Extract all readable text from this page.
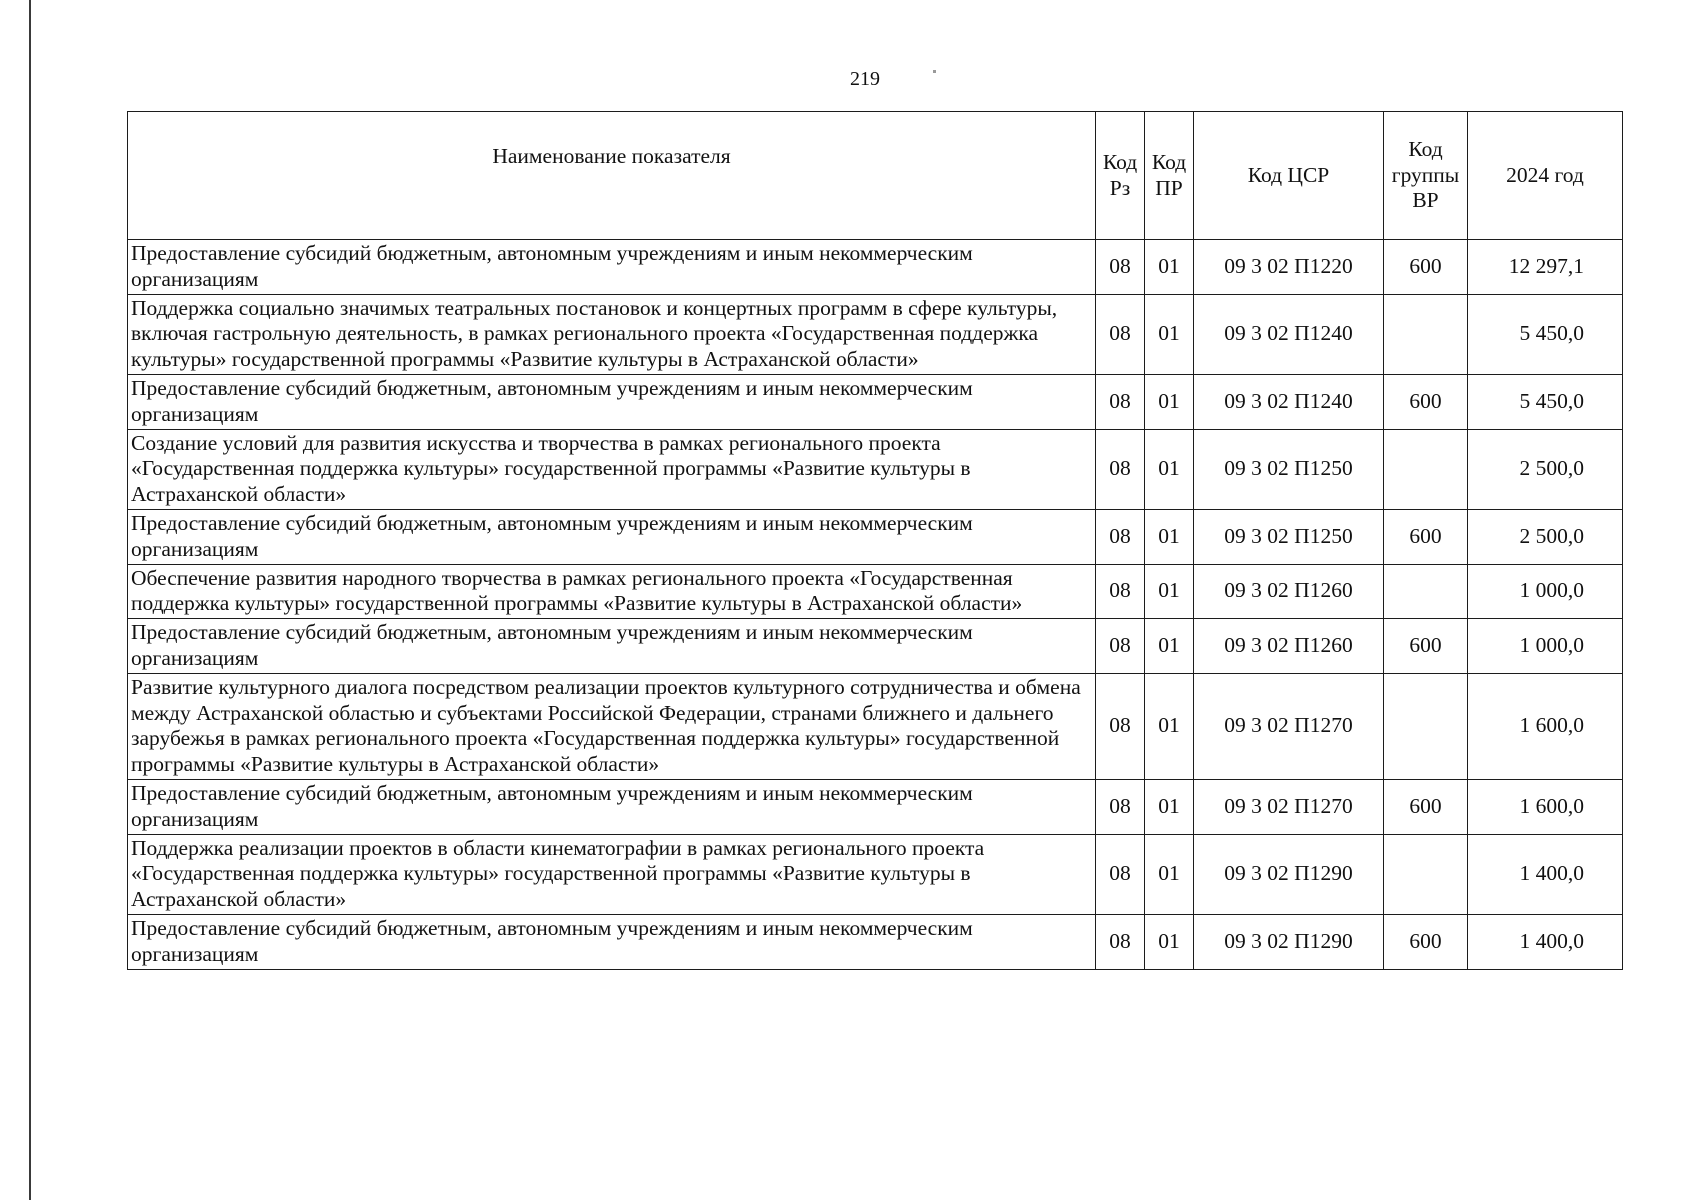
219
Наименование показателя	Код Рз	Код ПР	Код ЦСР	Код группы ВР	2024 год
Предоставление субсидий бюджетным, автономным учреждениям и иным некоммерческим организациям	08	01	09 3 02 П1220	600	12 297,1
Поддержка социально значимых театральных постановок и концертных программ в сфере культуры, включая гастрольную деятельность, в рамках регионального проекта «Государственная поддержка культуры» государственной программы «Развитие культуры в Астраханской области»	08	01	09 3 02 П1240		5 450,0
Предоставление субсидий бюджетным, автономным учреждениям и иным некоммерческим организациям	08	01	09 3 02 П1240	600	5 450,0
Создание условий для развития искусства и творчества в рамках регионального проекта «Государственная поддержка культуры» государственной программы «Развитие культуры в Астраханской области»	08	01	09 3 02 П1250		2 500,0
Предоставление субсидий бюджетным, автономным учреждениям и иным некоммерческим организациям	08	01	09 3 02 П1250	600	2 500,0
Обеспечение развития народного творчества в рамках регионального проекта «Государственная поддержка культуры» государственной программы «Развитие культуры в Астраханской области»	08	01	09 3 02 П1260		1 000,0
Предоставление субсидий бюджетным, автономным учреждениям и иным некоммерческим организациям	08	01	09 3 02 П1260	600	1 000,0
Развитие культурного диалога посредством реализации проектов культурного сотрудничества и обмена между Астраханской областью и субъектами Российской Федерации, странами ближнего и дальнего зарубежья в рамках регионального проекта «Государственная поддержка культуры» государственной программы «Развитие культуры в Астраханской области»	08	01	09 3 02 П1270		1 600,0
Предоставление субсидий бюджетным, автономным учреждениям и иным некоммерческим организациям	08	01	09 3 02 П1270	600	1 600,0
Поддержка реализации проектов в области кинематографии в рамках регионального проекта «Государственная поддержка культуры» государственной программы «Развитие культуры в Астраханской области»	08	01	09 3 02 П1290		1 400,0
Предоставление субсидий бюджетным, автономным учреждениям и иным некоммерческим организациям	08	01	09 3 02 П1290	600	1 400,0
